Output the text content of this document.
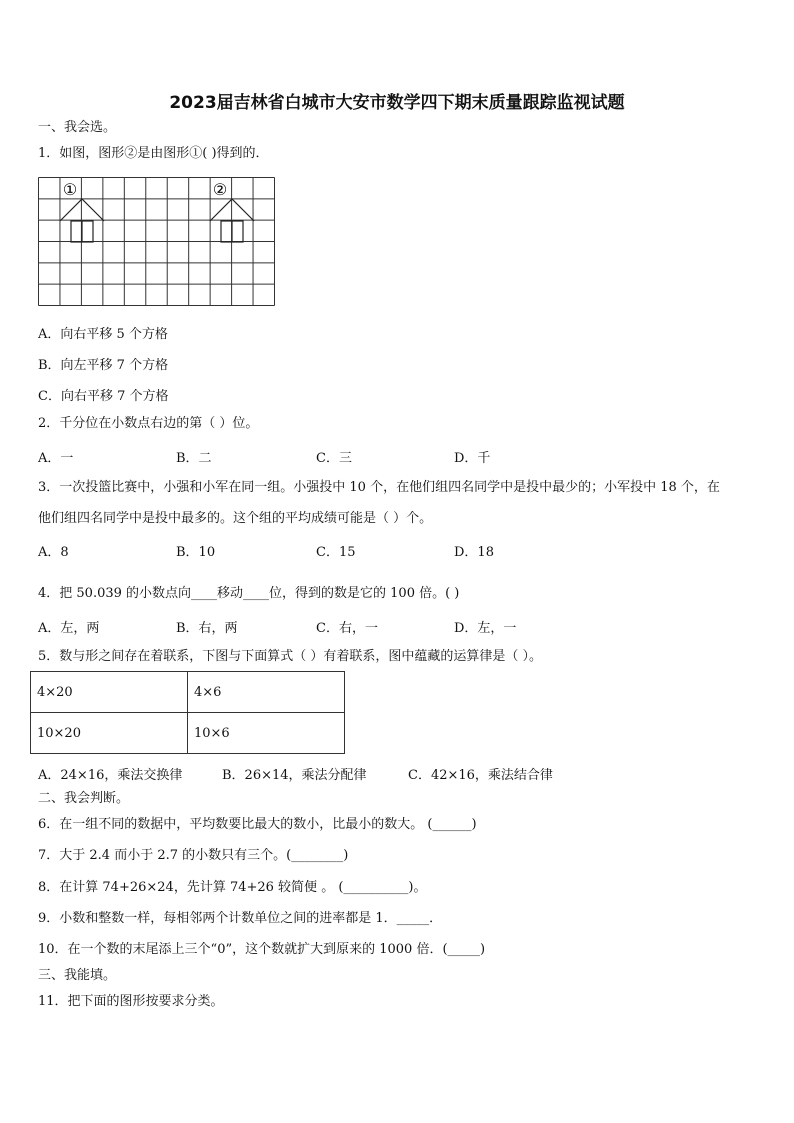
2023届吉林省白城市大安市数学四下期末质量跟踪监视试题
一、我会选。
1．如图，图形②是由图形①( )得到的．
①	②
A．向右平移 5 个方格
B．向左平移 7 个方格
C．向右平移 7 个方格
2．千分位在小数点右边的第（ ）位。
A．一	B．二	C．三	D．千
3．一次投篮比赛中，小强和小军在同一组。小强投中 10 个，在他们组四名同学中是投中最少的；小军投中 18 个，在
他们组四名同学中是投中最多的。这个组的平均成绩可能是（ ）个。
A．8	B．10	C．15	D．18
4．把 50.039 的小数点向____移动____位，得到的数是它的 100 倍。( )
A．左，两	B．右，两	C．右，一	D．左，一
5．数与形之间存在着联系，下图与下面算式（ ）有着联系，图中蕴藏的运算律是（ ）。
4×20	4×6
10×20	10×6
A．24×16，乘法交换律	B．26×14，乘法分配律	C．42×16，乘法结合律
二、我会判断。
6．在一组不同的数据中，平均数要比最大的数小，比最小的数大。 (______)
7．大于 2.4 而小于 2.7 的小数只有三个。(________)
8．在计算 74+26×24，先计算 74+26 较简便 。 (__________)。
9．小数和整数一样，每相邻两个计数单位之间的进率都是 1．_____．
10．在一个数的末尾添上三个“0”，这个数就扩大到原来的 1000 倍．(_____)
三、我能填。
11．把下面的图形按要求分类。
